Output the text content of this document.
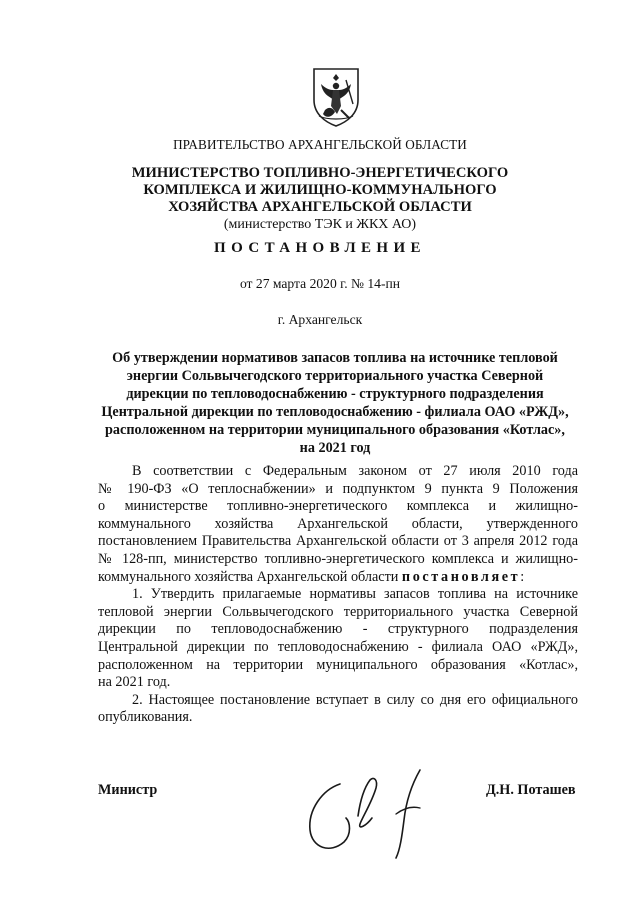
ПРАВИТЕЛЬСТВО АРХАНГЕЛЬСКОЙ ОБЛАСТИ
МИНИСТЕРСТВО ТОПЛИВНО-ЭНЕРГЕТИЧЕСКОГО
КОМПЛЕКСА И ЖИЛИЩНО-КОММУНАЛЬНОГО
ХОЗЯЙСТВА АРХАНГЕЛЬСКОЙ ОБЛАСТИ
(министерство ТЭК и ЖКХ АО)
ПОСТАНОВЛЕНИЕ
от 27 марта 2020 г. № 14-пн
г. Архангельск
Об утверждении нормативов запасов топлива на источнике тепловой
энергии Сольвычегодского территориального участка Северной
дирекции по тепловодоснабжению - структурного подразделения
Центральной дирекции по тепловодоснабжению - филиала ОАО «РЖД»,
расположенном на территории муниципального образования «Котлас»,
на 2021 год
В соответствии с Федеральным законом от 27 июля 2010 года
№ 190-ФЗ «О теплоснабжении» и подпунктом 9 пункта 9 Положения
о министерстве топливно-энергетического комплекса и жилищно-
коммунального хозяйства Архангельской области, утвержденного
постановлением Правительства Архангельской области от 3 апреля 2012 года
№ 128-пп, министерство топливно-энергетического комплекса и жилищно-
коммунального хозяйства Архангельской области постановляет:
1. Утвердить прилагаемые нормативы запасов топлива на источнике
тепловой энергии Сольвычегодского территориального участка Северной
дирекции по тепловодоснабжению - структурного подразделения
Центральной дирекции по тепловодоснабжению - филиала ОАО «РЖД»,
расположенном на территории муниципального образования «Котлас»,
на 2021 год.
2. Настоящее постановление вступает в силу со дня его официального
опубликования.
Министр	Д.Н. Поташев
